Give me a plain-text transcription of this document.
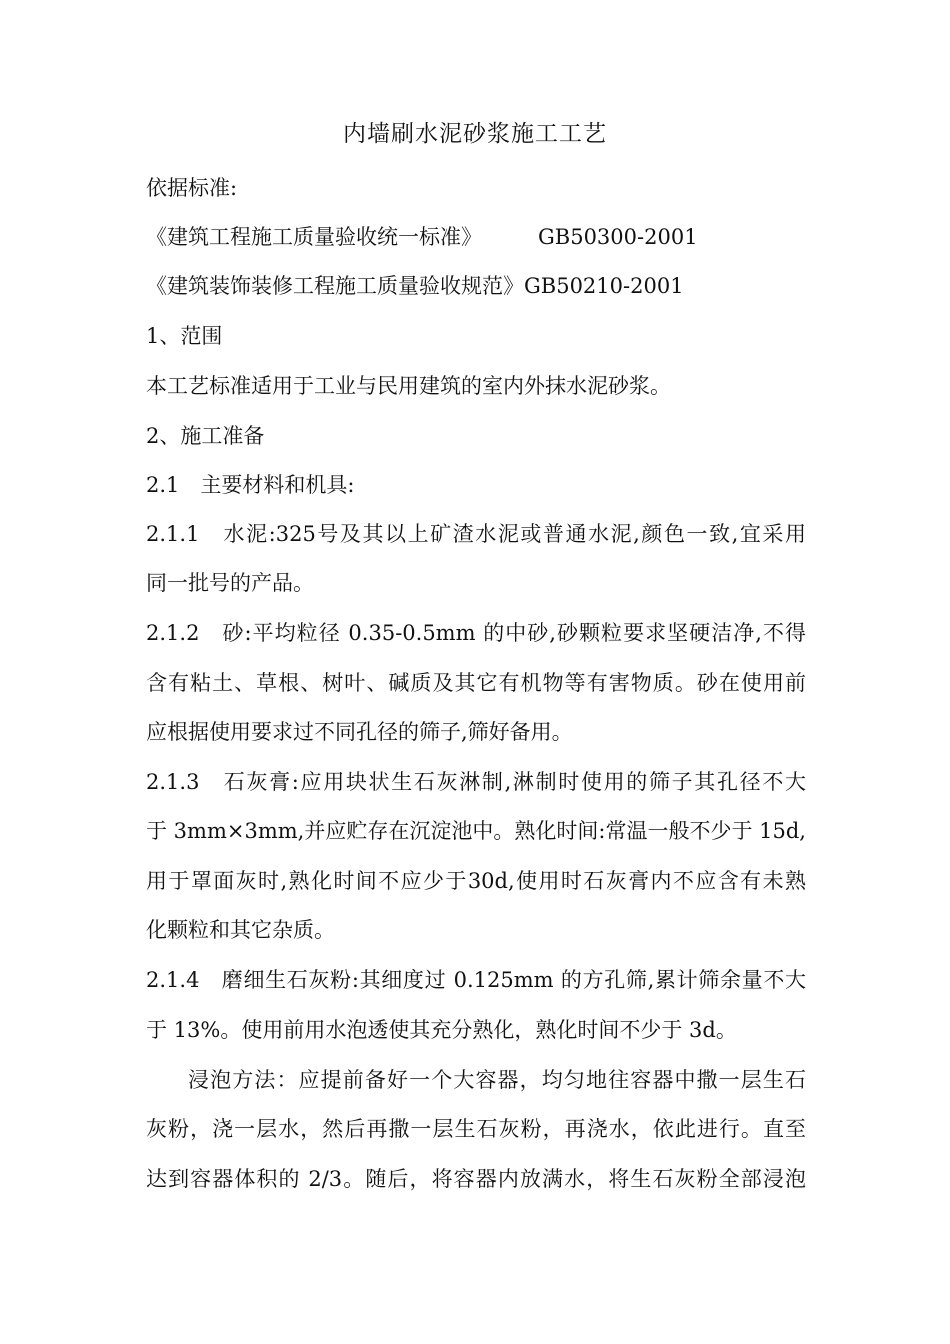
内墙刷水泥砂浆施工工艺
依据标准:
《建筑工程施工质量验收统一标准》	GB50300-2001
《建筑装饰装修工程施工质量验收规范》GB50210-2001
1、范围
本工艺标准适用于工业与民用建筑的室内外抹水泥砂浆。
2、施工准备
2.1　主要材料和机具:
2.1.1　水泥:325号及其以上矿渣水泥或普通水泥,颜色一致,宜采用
同一批号的产品。
2.1.2　砂:平均粒径 0.35-0.5mm 的中砂,砂颗粒要求坚硬洁净,不得
含有粘土、草根、树叶、碱质及其它有机物等有害物质。砂在使用前
应根据使用要求过不同孔径的筛子,筛好备用。
2.1.3　石灰膏:应用块状生石灰淋制,淋制时使用的筛子其孔径不大
于 3mm×3mm,并应贮存在沉淀池中。熟化时间:常温一般不少于 15d,
用于罩面灰时,熟化时间不应少于30d,使用时石灰膏内不应含有未熟
化颗粒和其它杂质。
2.1.4　磨细生石灰粉:其细度过 0.125mm 的方孔筛,累计筛余量不大
于 13%。使用前用水泡透使其充分熟化，熟化时间不少于 3d。
浸泡方法：应提前备好一个大容器，均匀地往容器中撒一层生石
灰粉，浇一层水，然后再撒一层生石灰粉，再浇水，依此进行。直至
达到容器体积的 2/3。随后，将容器内放满水，将生石灰粉全部浸泡
